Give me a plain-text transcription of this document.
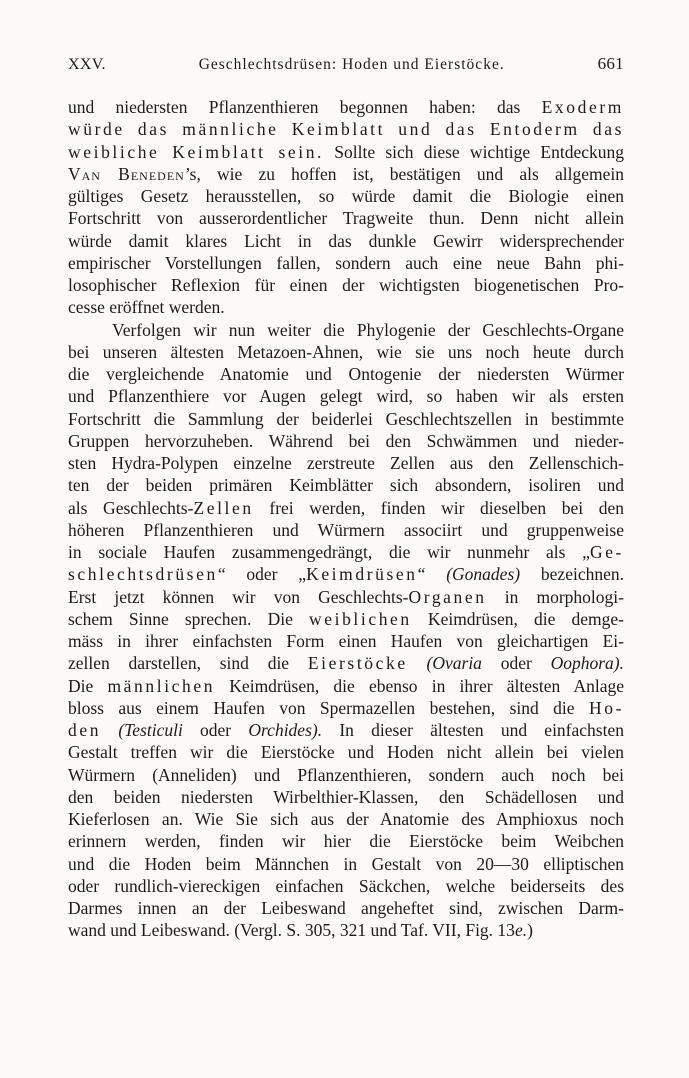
XXV.	Geschlechtsdrüsen: Hoden und Eierstöcke.	661
und niedersten Pflanzenthieren begonnen haben: das Exoderm
würde das männliche Keimblatt und das Entoderm das
weibliche Keimblatt sein. Sollte sich diese wichtige Entdeckung
Van Beneden’s, wie zu hoffen ist, bestätigen und als allgemein
gültiges Gesetz herausstellen, so würde damit die Biologie einen
Fortschritt von ausserordentlicher Tragweite thun. Denn nicht allein
würde damit klares Licht in das dunkle Gewirr widersprechender
empirischer Vorstellungen fallen, sondern auch eine neue Bahn phi-
losophischer Reflexion für einen der wichtigsten biogenetischen Pro-
cesse eröffnet werden.
Verfolgen wir nun weiter die Phylogenie der Geschlechts-Organe
bei unseren ältesten Metazoen-Ahnen, wie sie uns noch heute durch
die vergleichende Anatomie und Ontogenie der niedersten Würmer
und Pflanzenthiere vor Augen gelegt wird, so haben wir als ersten
Fortschritt die Sammlung der beiderlei Geschlechtszellen in bestimmte
Gruppen hervorzuheben. Während bei den Schwämmen und nieder-
sten Hydra-Polypen einzelne zerstreute Zellen aus den Zellenschich-
ten der beiden primären Keimblätter sich absondern, isoliren und
als Geschlechts-Zellen frei werden, finden wir dieselben bei den
höheren Pflanzenthieren und Würmern associirt und gruppenweise
in sociale Haufen zusammengedrängt, die wir nunmehr als „Ge-
schlechtsdrüsen“ oder „Keimdrüsen“ (Gonades) bezeichnen.
Erst jetzt können wir von Geschlechts-Organen in morphologi-
schem Sinne sprechen. Die weiblichen Keimdrüsen, die demge-
mäss in ihrer einfachsten Form einen Haufen von gleichartigen Ei-
zellen darstellen, sind die Eierstöcke (Ovaria oder Oophora).
Die männlichen Keimdrüsen, die ebenso in ihrer ältesten Anlage
bloss aus einem Haufen von Spermazellen bestehen, sind die Ho-
den (Testiculi oder Orchides). In dieser ältesten und einfachsten
Gestalt treffen wir die Eierstöcke und Hoden nicht allein bei vielen
Würmern (Anneliden) und Pflanzenthieren, sondern auch noch bei
den beiden niedersten Wirbelthier-Klassen, den Schädellosen und
Kieferlosen an. Wie Sie sich aus der Anatomie des Amphioxus noch
erinnern werden, finden wir hier die Eierstöcke beim Weibchen
und die Hoden beim Männchen in Gestalt von 20—30 elliptischen
oder rundlich-viereckigen einfachen Säckchen, welche beiderseits des
Darmes innen an der Leibeswand angeheftet sind, zwischen Darm-
wand und Leibeswand. (Vergl. S. 305, 321 und Taf. VII, Fig. 13e.)
